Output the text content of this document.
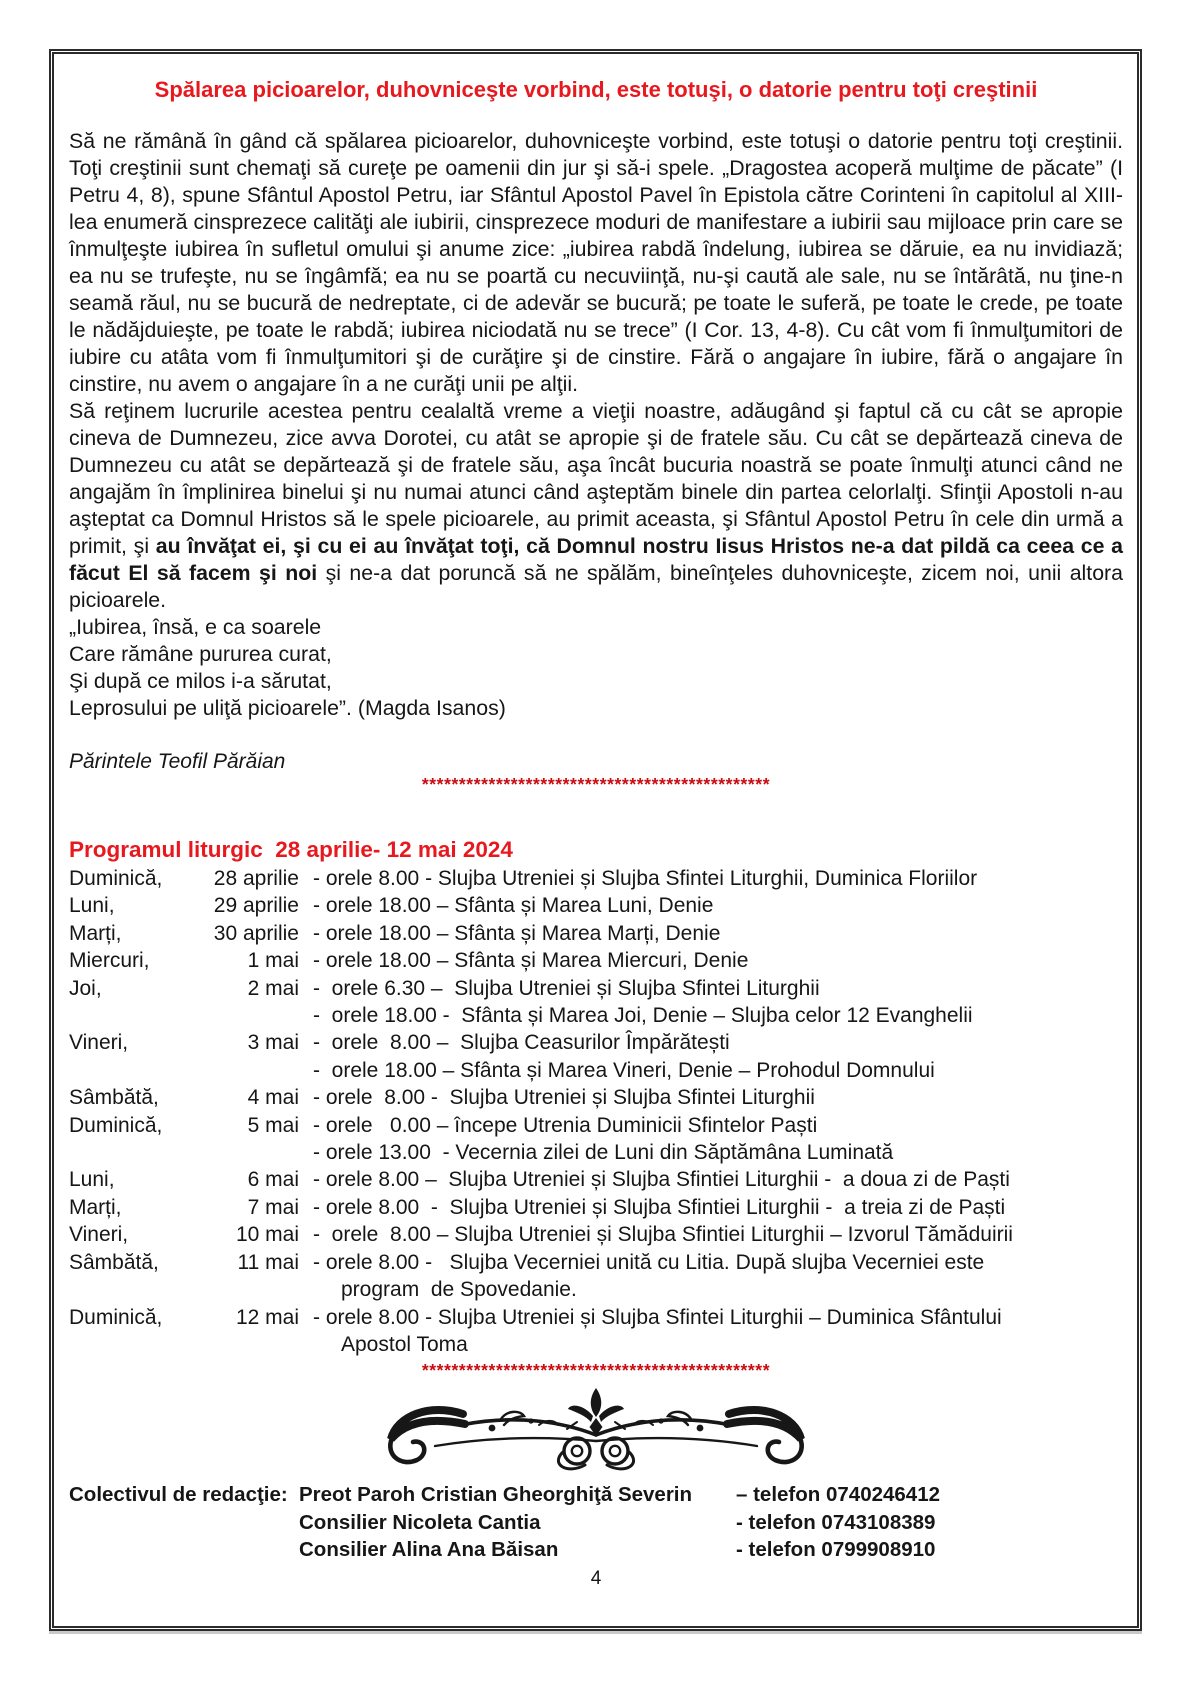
Spălarea picioarelor, duhovniceşte vorbind, este totuşi, o datorie pentru toţi creştinii
Să ne rămână în gând că spălarea picioarelor, duhovniceşte vorbind, este totuşi o datorie pentru toţi creştinii. Toţi creştinii sunt chemaţi să cureţe pe oamenii din jur şi să-i spele. „Dragostea acoperă mulţime de păcate” (I Petru 4, 8), spune Sfântul Apostol Petru, iar Sfântul Apostol Pavel în Epistola către Corinteni în capitolul al XIII-lea enumeră cinsprezece calităţi ale iubirii, cinsprezece moduri de manifestare a iubirii sau mijloace prin care se înmulţeşte iubirea în sufletul omului şi anume zice: „iubirea rabdă îndelung, iubirea se dăruie, ea nu invidiază; ea nu se trufeşte, nu se îngâmfă; ea nu se poartă cu necuviinţă, nu-şi caută ale sale, nu se întărâtă, nu ţine-n seamă răul, nu se bucură de nedreptate, ci de adevăr se bucură; pe toate le suferă, pe toate le crede, pe toate le nădăjduieşte, pe toate le rabdă; iubirea niciodată nu se trece” (I Cor. 13, 4-8). Cu cât vom fi înmulţumitori de iubire cu atâta vom fi înmulţumitori şi de curăţire şi de cinstire. Fără o angajare în iubire, fără o angajare în cinstire, nu avem o angajare în a ne curăţi unii pe alţii.
Să reţinem lucrurile acestea pentru cealaltă vreme a vieţii noastre, adăugând şi faptul că cu cât se apropie cineva de Dumnezeu, zice avva Dorotei, cu atât se apropie şi de fratele său. Cu cât se depărtează cineva de Dumnezeu cu atât se depărtează şi de fratele său, aşa încât bucuria noastră se poate înmulţi atunci când ne angajăm în împlinirea binelui şi nu numai atunci când aşteptăm binele din partea celorlalţi. Sfinţii Apostoli n-au aşteptat ca Domnul Hristos să le spele picioarele, au primit aceasta, şi Sfântul Apostol Petru în cele din urmă a primit, şi au învăţat ei, şi cu ei au învăţat toţi, că Domnul nostru Iisus Hristos ne-a dat pildă ca ceea ce a făcut El să facem şi noi şi ne-a dat poruncă să ne spălăm, bineînţeles duhovniceşte, zicem noi, unii altora picioarele.
„Iubirea, însă, e ca soarele
Care rămâne pururea curat,
Şi după ce milos i-a sărutat,
Leprosului pe uliţă picioarele”. (Magda Isanos)
Părintele Teofil Părăian
***********************************************
Programul liturgic  28 aprilie- 12 mai 2024
Duminică,	28 aprilie - orele 8.00 - Slujba Utreniei și Slujba Sfintei Liturghii, Duminica Floriilor
Luni,	29 aprilie - orele 18.00 – Sfânta și Marea Luni, Denie
Marți,	30 aprilie - orele 18.00 – Sfânta și Marea Marți, Denie
Miercuri,	1 mai - orele 18.00 – Sfânta și Marea Miercuri, Denie
Joi,	2 mai -  orele 6.30 –  Slujba Utreniei și Slujba Sfintei Liturghii
-  orele 18.00 -  Sfânta și Marea Joi, Denie – Slujba celor 12 Evanghelii
Vineri,	3 mai -  orele  8.00 –  Slujba Ceasurilor Împărătești
-  orele 18.00 – Sfânta și Marea Vineri, Denie – Prohodul Domnului
Sâmbătă,	4 mai - orele  8.00 -  Slujba Utreniei și Slujba Sfintei Liturghii
Duminică,	5 mai - orele   0.00 – începe Utrenia Duminicii Sfintelor Paști
- orele 13.00  - Vecernia zilei de Luni din Săptămâna Luminată
Luni,	6 mai - orele 8.00 –  Slujba Utreniei și Slujba Sfintiei Liturghii -  a doua zi de Paști
Marți,	7 mai - orele 8.00  -  Slujba Utreniei și Slujba Sfintiei Liturghii -  a treia zi de Paști
Vineri,	10 mai -  orele  8.00 – Slujba Utreniei și Slujba Sfintiei Liturghii – Izvorul Tămăduirii
Sâmbătă,	11 mai - orele 8.00 -   Slujba Vecerniei unită cu Litia. După slujba Vecerniei este
program  de Spovedanie.
Duminică,	12 mai - orele 8.00 - Slujba Utreniei și Slujba Sfintei Liturghii – Duminica Sfântului
Apostol Toma
***********************************************
Colectivul de redacţie: Preot Paroh Cristian Gheorghiţă Severin	– telefon 0740246412
Consilier Nicoleta Cantia	- telefon 0743108389
Consilier Alina Ana Băisan	- telefon 0799908910
4
